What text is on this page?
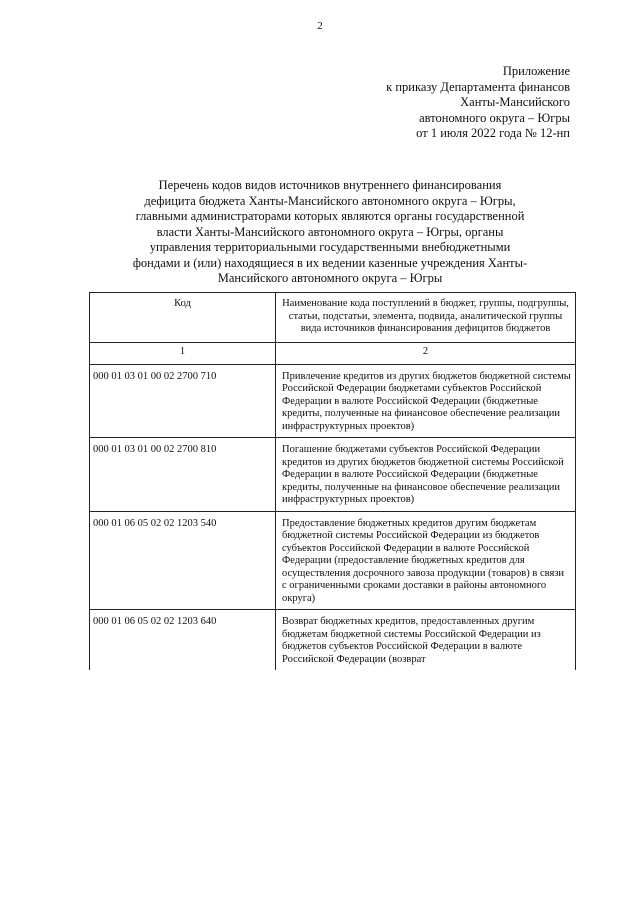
2
Приложение
к приказу Департамента финансов
Ханты-Мансийского
автономного округа – Югры
от 1 июля 2022 года № 12-нп
Перечень кодов видов источников внутреннего финансирования
дефицита бюджета Ханты-Мансийского автономного округа – Югры,
главными администраторами которых являются органы государственной
власти Ханты-Мансийского автономного округа – Югры, органы
управления территориальными государственными внебюджетными
фондами и (или) находящиеся в их ведении казенные учреждения Ханты-
Мансийского автономного округа – Югры
Код	Наименование кода поступлений в бюджет, группы, подгруппы, статьи, подстатьи, элемента, подвида, аналитической группы вида источников финансирования дефицитов бюджетов
1	2
000 01 03 01 00 02 2700 710	Привлечение кредитов из других бюджетов бюджетной системы Российской Федерации бюджетами субъектов Российской Федерации в валюте Российской Федерации (бюджетные кредиты, полученные на финансовое обеспечение реализации инфраструктурных проектов)
000 01 03 01 00 02 2700 810	Погашение бюджетами субъектов Российской Федерации кредитов из других бюджетов бюджетной системы Российской Федерации в валюте Российской Федерации (бюджетные кредиты, полученные на финансовое обеспечение реализации инфраструктурных проектов)
000 01 06 05 02 02 1203 540	Предоставление бюджетных кредитов другим бюджетам бюджетной системы Российской Федерации из бюджетов субъектов Российской Федерации в валюте Российской Федерации (предоставление бюджетных кредитов для осуществления досрочного завоза продукции (товаров) в связи с ограниченными сроками доставки в районы автономного округа)
000 01 06 05 02 02 1203 640	Возврат бюджетных кредитов, предоставленных другим бюджетам бюджетной системы Российской Федерации из бюджетов субъектов Российской Федерации в валюте Российской Федерации (возврат
